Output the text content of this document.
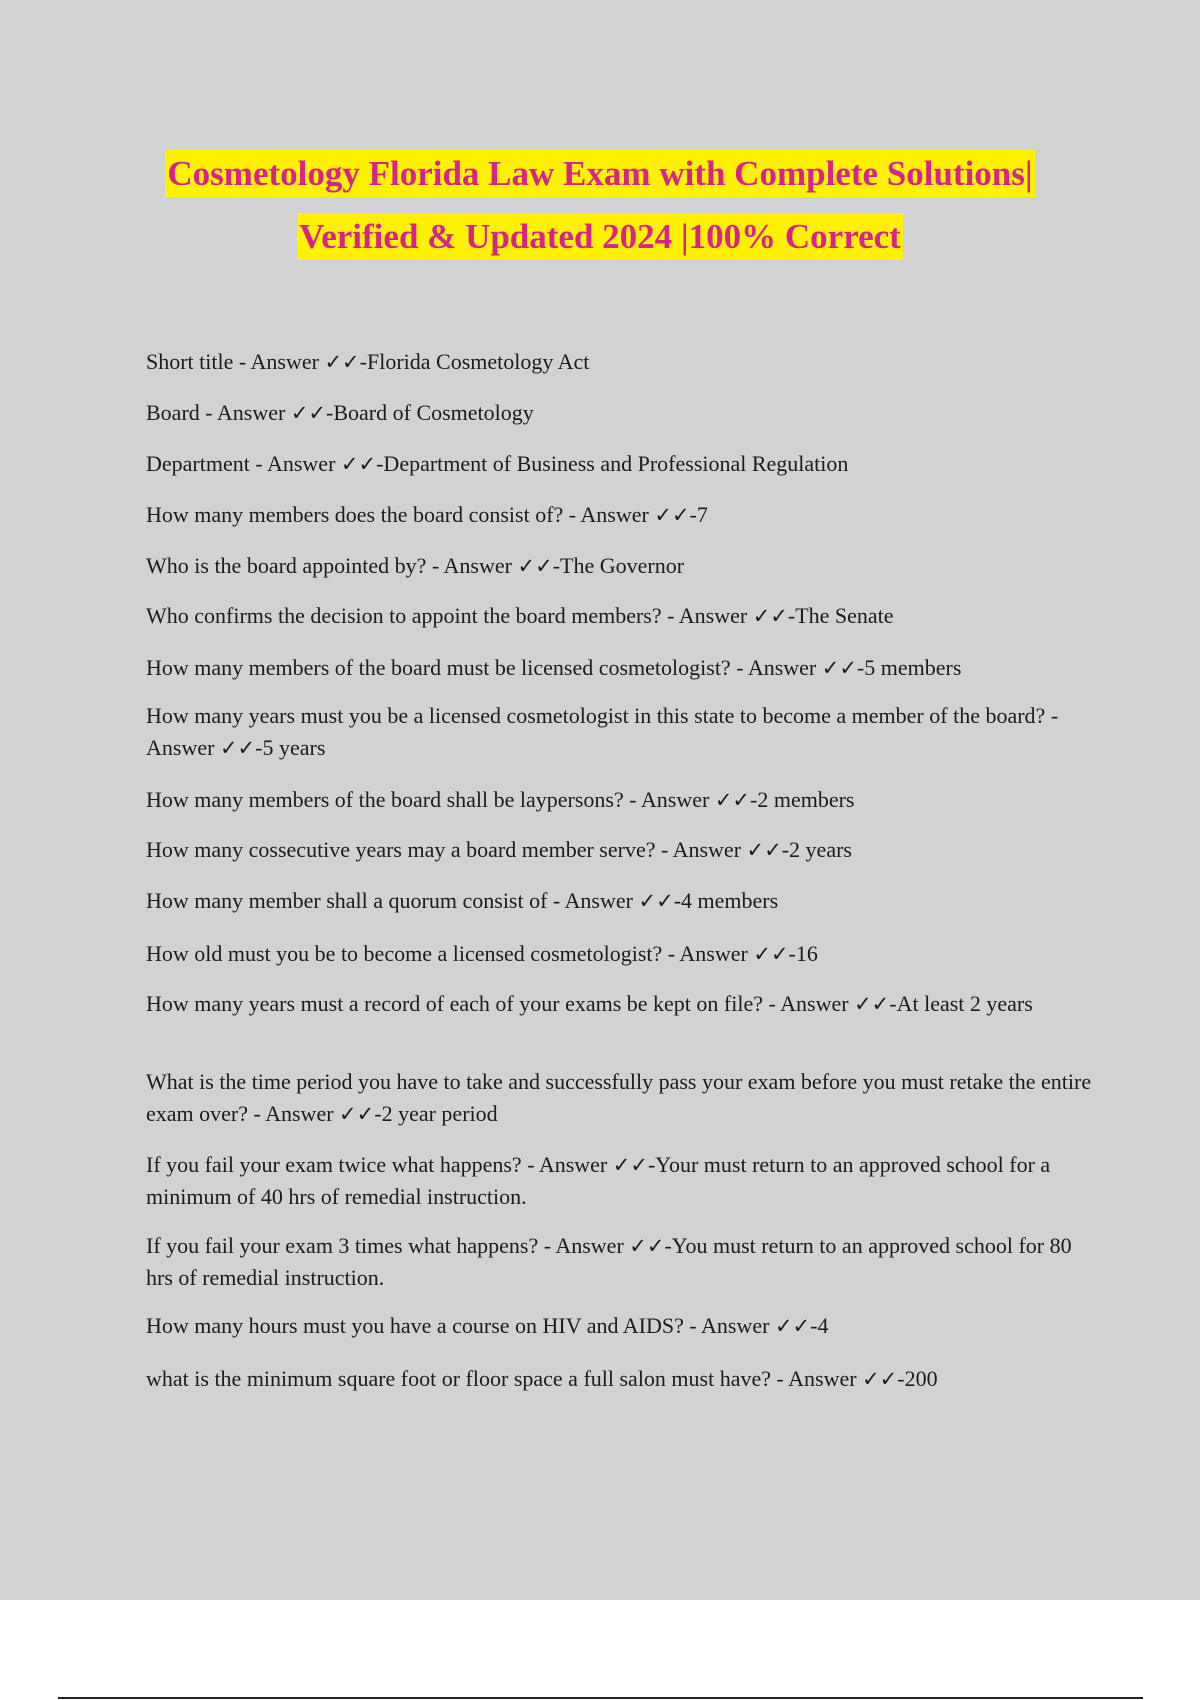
Cosmetology Florida Law Exam with Complete Solutions|
Verified & Updated 2024 |100% Correct
Short title - Answer ✓✓-Florida Cosmetology Act
Board - Answer ✓✓-Board of Cosmetology
Department - Answer ✓✓-Department of Business and Professional Regulation
How many members does the board consist of? - Answer ✓✓-7
Who is the board appointed by? - Answer ✓✓-The Governor
Who confirms the decision to appoint the board members? - Answer ✓✓-The Senate
How many members of the board must be licensed cosmetologist? - Answer ✓✓-5 members
How many years must you be a licensed cosmetologist in this state to become a member of the board? - Answer ✓✓-5 years
How many members of the board shall be laypersons? - Answer ✓✓-2 members
How many cossecutive years may a board member serve? - Answer ✓✓-2 years
How many member shall a quorum consist of - Answer ✓✓-4 members
How old must you be to become a licensed cosmetologist? - Answer ✓✓-16
How many years must a record of each of your exams be kept on file? - Answer ✓✓-At least 2 years
What is the time period you have to take and successfully pass your exam before you must retake the entire exam over? - Answer ✓✓-2 year period
If you fail your exam twice what happens? - Answer ✓✓-Your must return to an approved school for a minimum of 40 hrs of remedial instruction.
If you fail your exam 3 times what happens? - Answer ✓✓-You must return to an approved school for 80 hrs of remedial instruction.
How many hours must you have a course on HIV and AIDS? - Answer ✓✓-4
what is the minimum square foot or floor space a full salon must have? - Answer ✓✓-200
